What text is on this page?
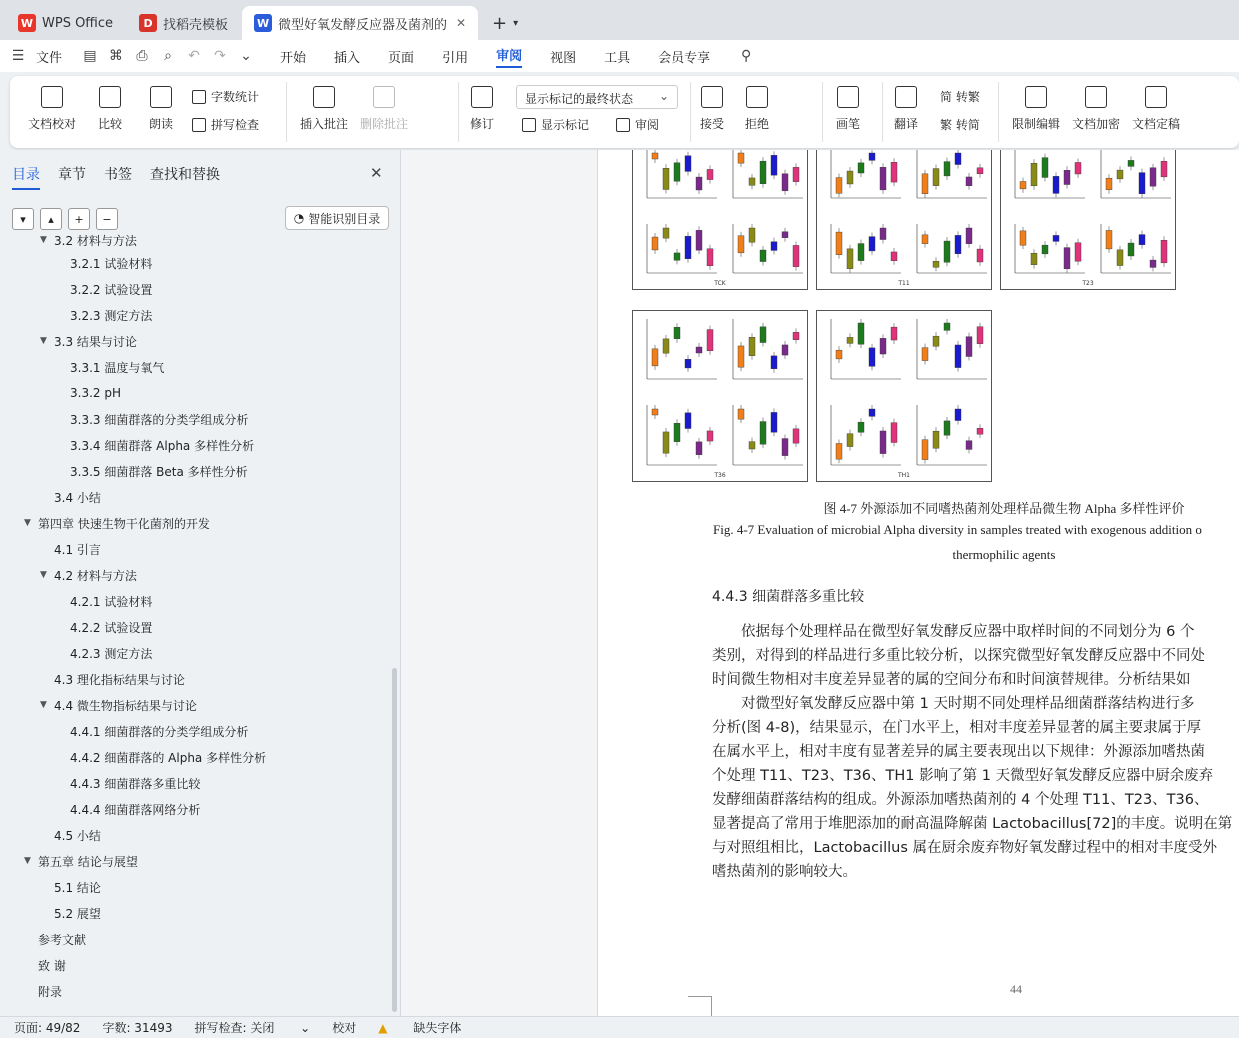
W WPS Office	D 找稻壳模板	W 微型好氧发酵反应器及菌剂的 ✕	+ ▾
☰ 文件 ▤ ⌘ ⎙ ⌕ ↶ ↷ ⌄ 开始 插入 页面 引用 审阅 视图 工具 会员专享 ⚲
文档校对 比较 朗读
字数统计
拼写检查	插入批注 删除批注	修订
显示标记的最终状态 ⌄
显示标记	审阅	接受 拒绝	画笔	翻译
简 转繁
繁 转简	限制编辑 文档加密 文档定稿
目录 章节 书签 查找和替换	✕
▾	▴	+	−	◔ 智能识别目录
▼ 3.2 材料与方法
3.2.1 试验材料
3.2.2 试验设置
3.2.3 测定方法
▼ 3.3 结果与讨论
3.3.1 温度与氧气
3.3.2 pH
3.3.3 细菌群落的分类学组成分析
3.3.4 细菌群落 Alpha 多样性分析
3.3.5 细菌群落 Beta 多样性分析
3.4 小结
▼ 第四章 快速生物干化菌剂的开发
4.1 引言
▼ 4.2 材料与方法
4.2.1 试验材料
4.2.2 试验设置
4.2.3 测定方法
4.3 理化指标结果与讨论
▼ 4.4 微生物指标结果与讨论
4.4.1 细菌群落的分类学组成分析
4.4.2 细菌群落的 Alpha 多样性分析
4.4.3 细菌群落多重比较
4.4.4 细菌群落网络分析
4.5 小结
▼ 第五章 结论与展望
5.1 结论
5.2 展望
参考文献
致 谢
附录
TCK	T11	T23
T36	TH1
图 4-7 外源添加不同嗜热菌剂处理样品微生物 Alpha 多样性评价
Fig. 4-7 Evaluation of microbial Alpha diversity in samples treated with exogenous addition o
thermophilic agents
4.4.3 细菌群落多重比较
　　依据每个处理样品在微型好氧发酵反应器中取样时间的不同划分为 6 个
类别，对得到的样品进行多重比较分析，以探究微型好氧发酵反应器中不同处
时间微生物相对丰度差异显著的属的空间分布和时间演替规律。分析结果如
　　对微型好氧发酵反应器中第 1 天时期不同处理样品细菌群落结构进行多
分析(图 4-8)，结果显示，在门水平上，相对丰度差异显著的属主要隶属于厚
在属水平上，相对丰度有显著差异的属主要表现出以下规律：外源添加嗜热菌
个处理 T11、T23、T36、TH1 影响了第 1 天微型好氧发酵反应器中厨余废弃
发酵细菌群落结构的组成。外源添加嗜热菌剂的 4 个处理 T11、T23、T36、
显著提高了常用于堆肥添加的耐高温降解菌 Lactobacillus[72]的丰度。说明在第
与对照组相比，Lactobacillus 属在厨余废弃物好氧发酵过程中的相对丰度受外
嗜热菌剂的影响较大。
44
页面: 49/82 字数: 31493 拼写检查: 关闭 ⌄ 校对 ▲ 缺失字体
